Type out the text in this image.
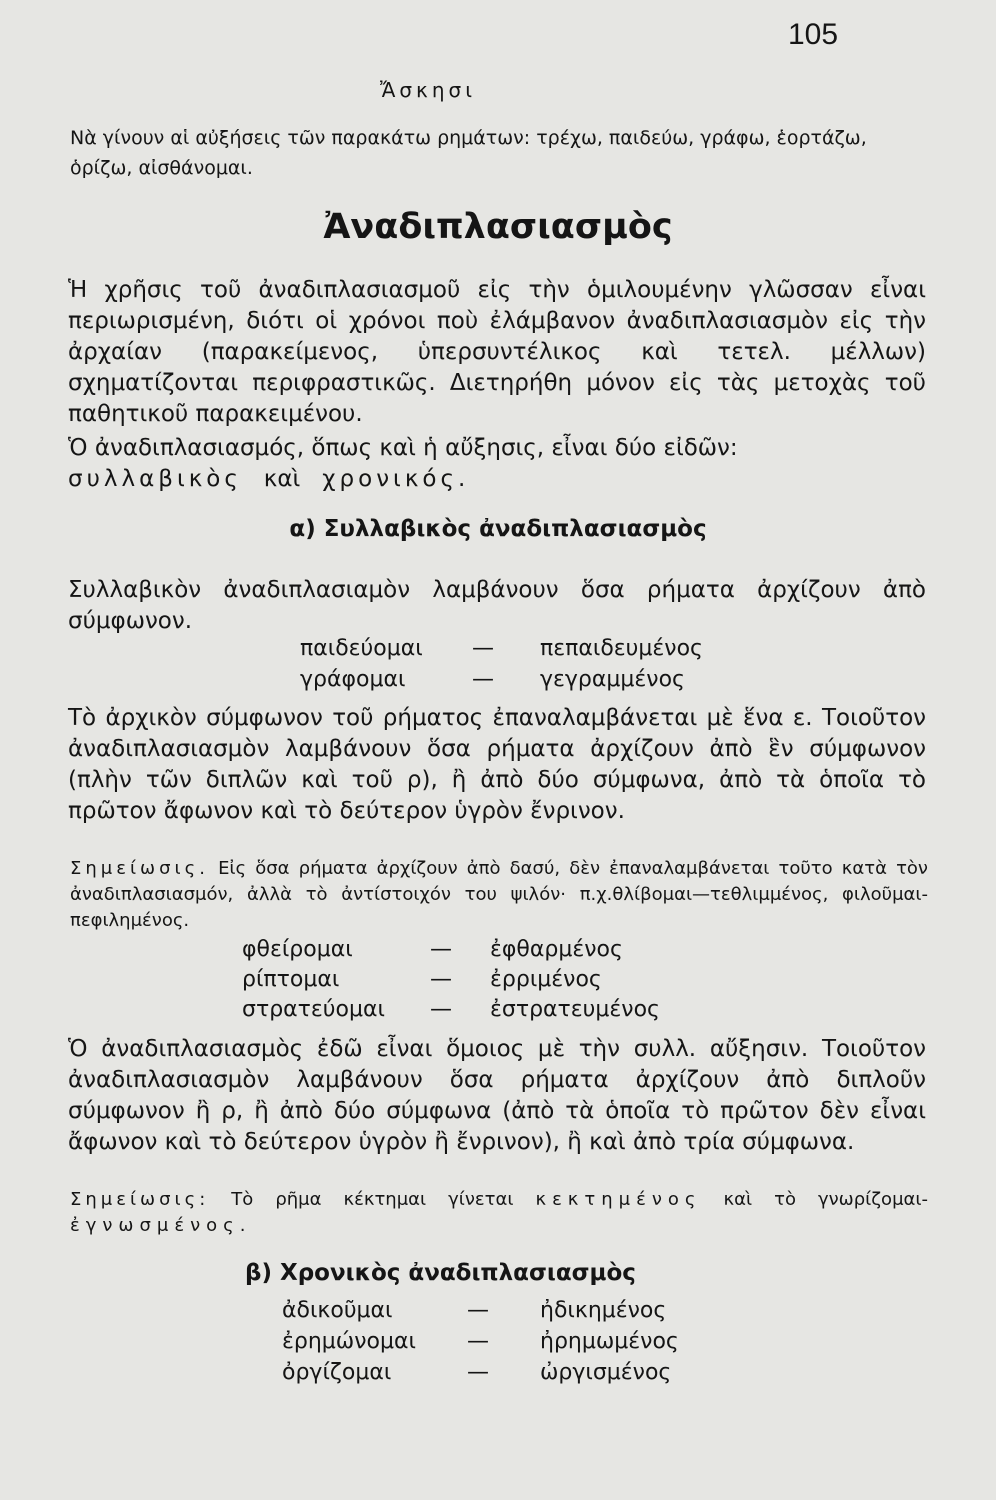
105
Ἄσκησι
Νὰ γίνουν αἱ αὐξήσεις τῶν παρακάτω ρημάτων: τρέχω, παιδεύω, γράφω, ἑορτάζω, ὁρίζω, αἰσθάνομαι.
Ἀναδιπλασιασμὸς
Ἡ χρῆσις τοῦ ἀναδιπλασιασμοῦ εἰς τὴν ὁμιλουμένην γλῶσσαν εἶναι περιωρισμένη, διότι οἱ χρόνοι ποὺ ἐλάμβανον ἀναδιπλασιασμὸν εἰς τὴν ἀρχαίαν (παρακείμενος, ὑπερσυντέλικος καὶ τετελ. μέλλων) σχηματίζονται περιφραστικῶς. Διετηρήθη μόνον εἰς τὰς μετοχὰς τοῦ παθητικοῦ παρακειμένου.
Ὁ ἀναδιπλασιασμός, ὅπως καὶ ἡ αὔξησις, εἶναι δύο εἰδῶν:
συλλαβικὸς καὶ χρονικός.
α) Συλλαβικὸς ἀναδιπλασιασμὸς
Συλλαβικὸν ἀναδιπλασιαμὸν λαμβάνουν ὅσα ρήματα ἀρχίζουν ἀπὸ σύμφωνον.
παιδεύομαι — πεπαιδευμένος
γράφομαι	— γεγραμμένος
Τὸ ἀρχικὸν σύμφωνον τοῦ ρήματος ἐπαναλαμβάνεται μὲ ἕνα ε. Τοιοῦτον ἀναδιπλασιασμὸν λαμβάνουν ὅσα ρήματα ἀρχίζουν ἀπὸ ἓν σύμφωνον (πλὴν τῶν διπλῶν καὶ τοῦ ρ), ἢ ἀπὸ δύο σύμφωνα, ἀπὸ τὰ ὁποῖα τὸ πρῶτον ἄφωνον καὶ τὸ δεύτερον ὑγρὸν ἔνρινον.
Σημείωσις. Εἰς ὅσα ρήματα ἀρχίζουν ἀπὸ δασύ, δὲν ἐπαναλαμβάνεται τοῦτο κατὰ τὸν ἀναδιπλασιασμόν, ἀλλὰ τὸ ἀντίστοιχόν του ψιλόν· π.χ.θλίβομαι—τεθλιμμένος, φιλοῦμαι-πεφιλημένος.
φθείρομαι	— ἐφθαρμένος
ρίπτομαι	— ἐρριμένος
στρατεύομαι — ἐστρατευμένος
Ὁ ἀναδιπλασιασμὸς ἐδῶ εἶναι ὅμοιος μὲ τὴν συλλ. αὔξησιν. Τοιοῦτον ἀναδιπλασιασμὸν λαμβάνουν ὅσα ρήματα ἀρχίζουν ἀπὸ διπλοῦν σύμφωνον ἢ ρ, ἢ ἀπὸ δύο σύμφωνα (ἀπὸ τὰ ὁποῖα τὸ πρῶτον δὲν εἶναι ἄφωνον καὶ τὸ δεύτερον ὑγρὸν ἢ ἔνρινον), ἢ καὶ ἀπὸ τρία σύμφωνα.
Σημείωσις: Τὸ ρῆμα κέκτημαι γίνεται κεκτημένος καὶ τὸ γνωρίζομαι-ἐγνωσμένος.
β) Χρονικὸς ἀναδιπλασιασμὸς
ἀδικοῦμαι	— ἠδικημένος
ἐρημώνομαι — ἠρημωμένος
ὀργίζομαι	— ὠργισμένος
